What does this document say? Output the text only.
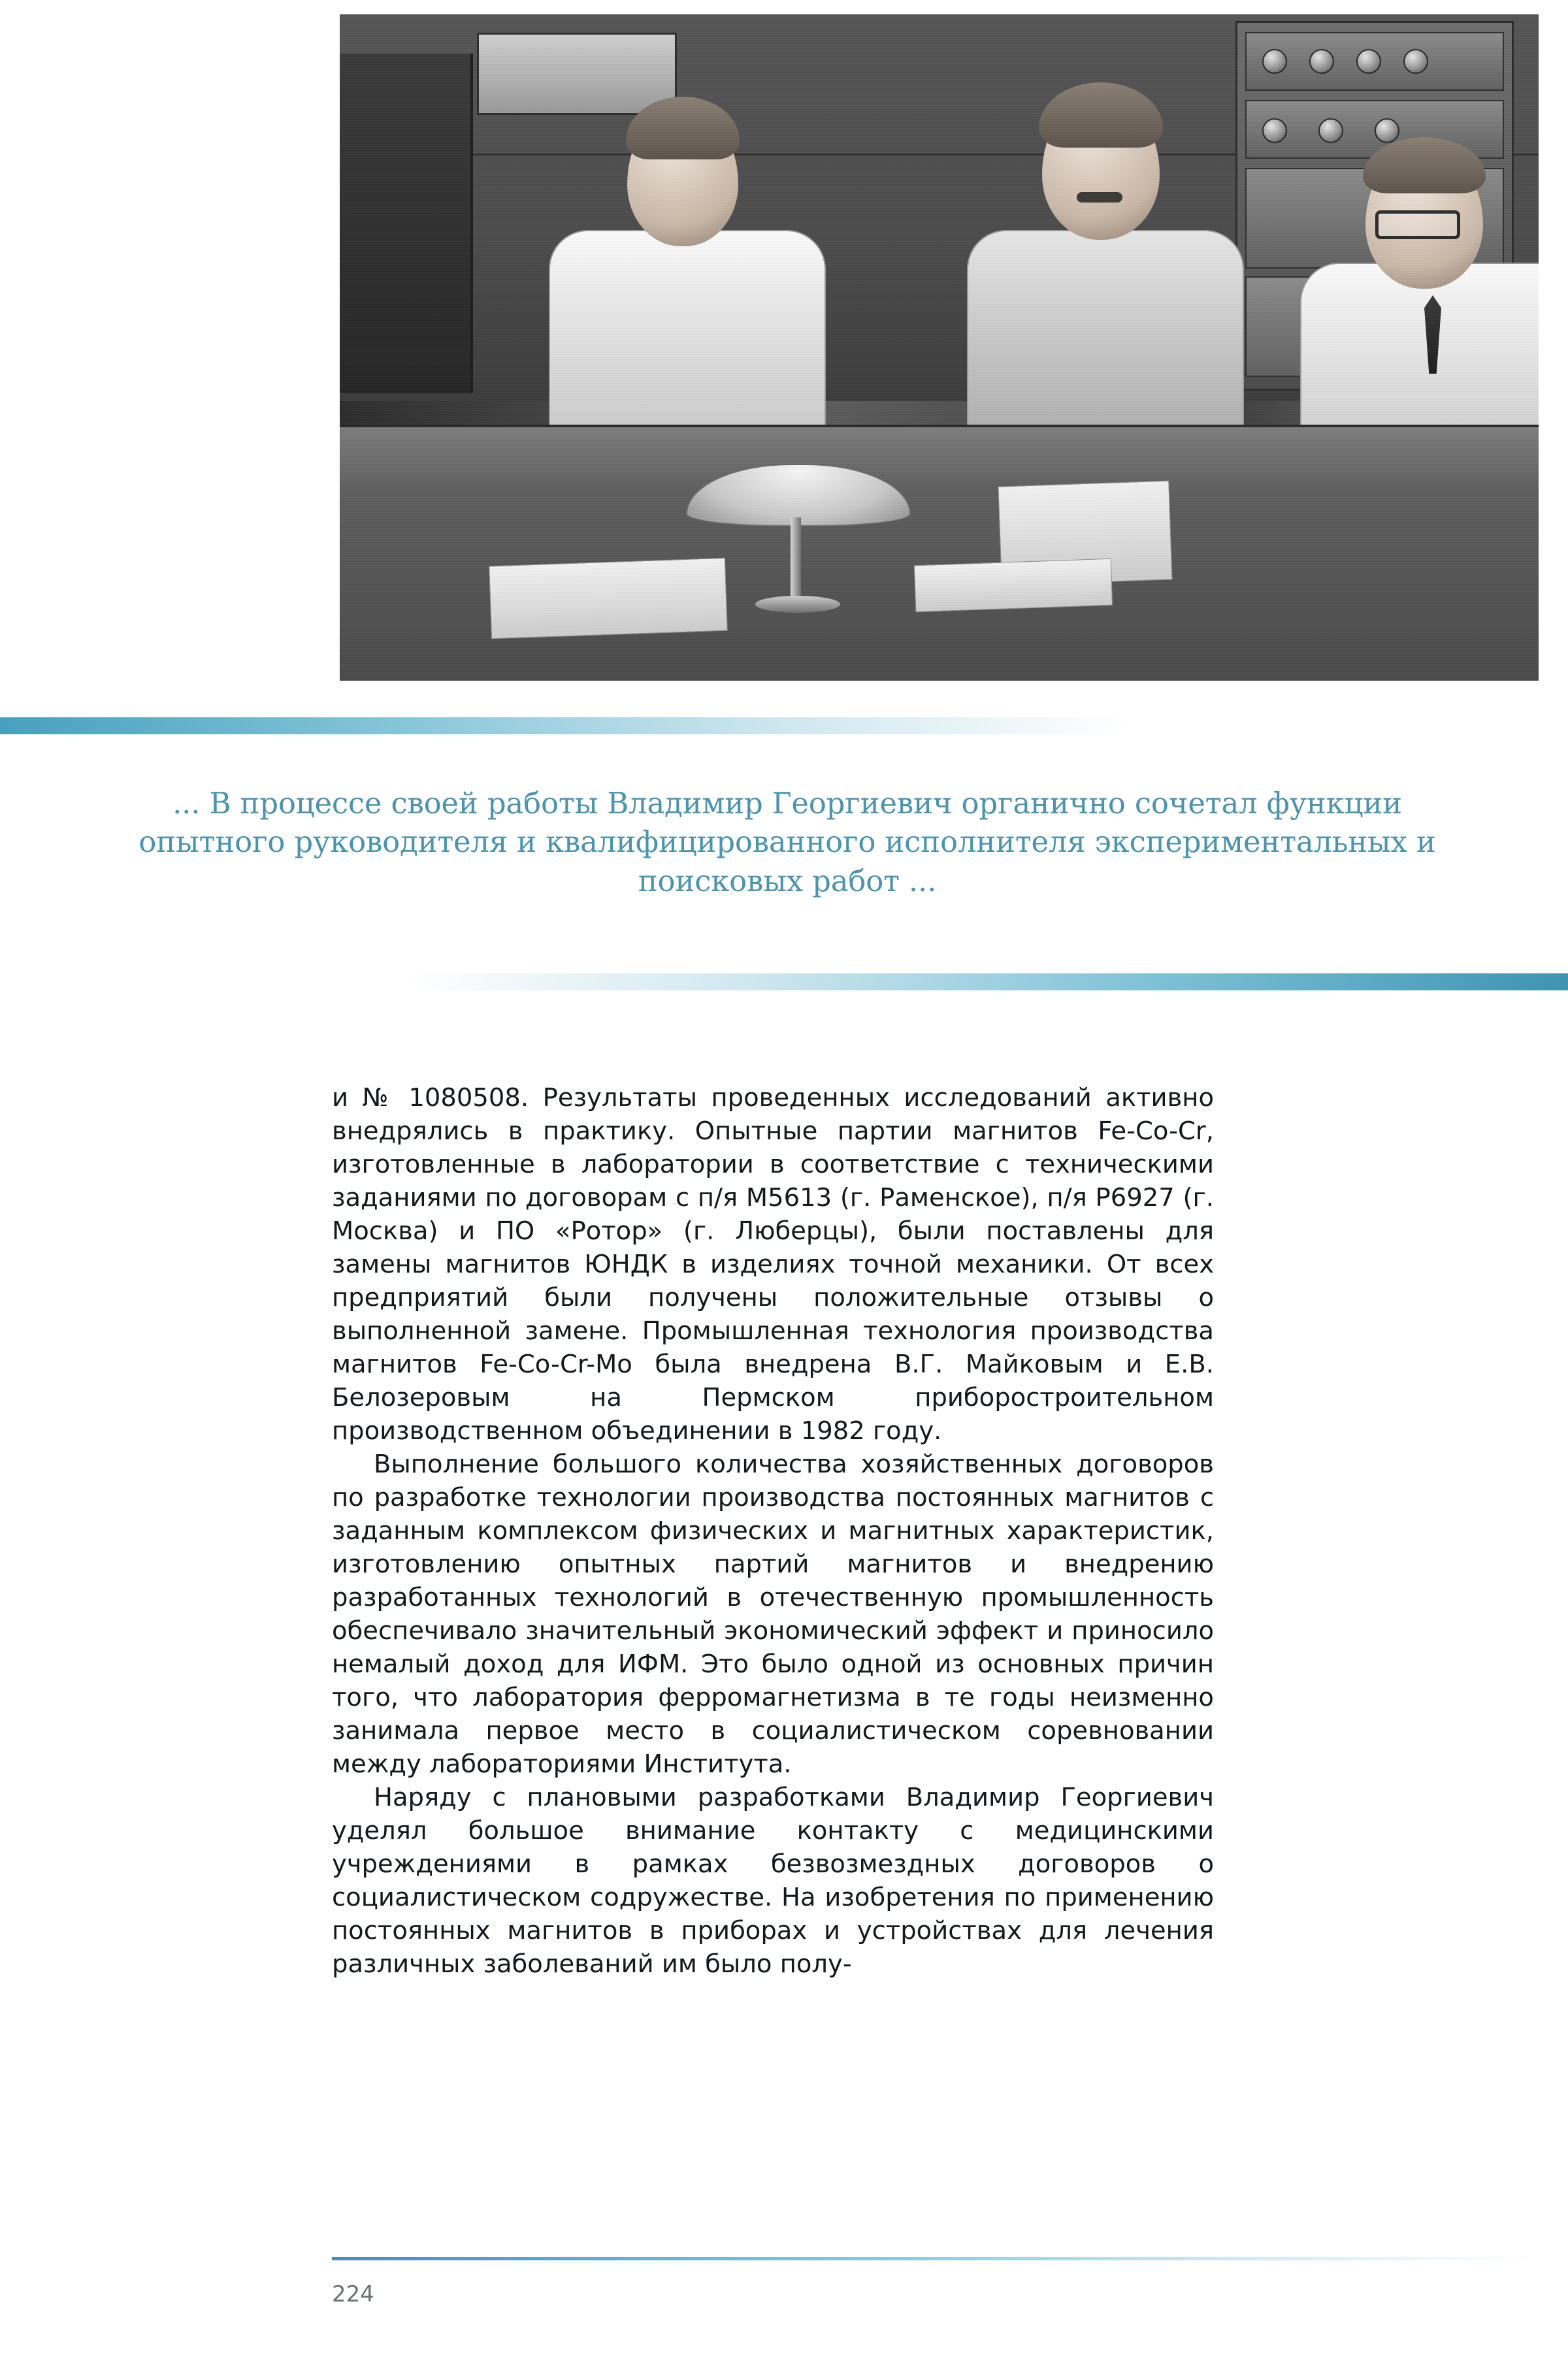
... В процессе своей работы Владимир Георгиевич органично сочетал функции опытного руководителя и квалифицированного исполнителя экспериментальных и поисковых работ ...

и № 1080508. Результаты проведенных исследований активно внедрялись в практику. Опытные партии магнитов Fe-Co-Cr, изготовленные в лаборатории в соответствие с техническими заданиями по договорам с п/я М5613 (г. Раменское), п/я Р6927 (г. Москва) и ПО «Ротор» (г. Люберцы), были поставлены для замены магнитов ЮНДК в изделиях точной механики. От всех предприятий были получены положительные отзывы о выполненной замене. Промышленная технология производства магнитов Fe-Co-Cr-Mo была внедрена В.Г. Майковым и Е.В. Белозеровым на Пермском приборостроительном производственном объединении в 1982 году.

Выполнение большого количества хозяйственных договоров по разработке технологии производства постоянных магнитов с заданным комплексом физических и магнитных характеристик, изготовлению опытных партий магнитов и внедрению разработанных технологий в отечественную промышленность обеспечивало значительный экономический эффект и приносило немалый доход для ИФМ. Это было одной из основных причин того, что лаборатория ферромагнетизма в те годы неизменно занимала первое место в социалистическом соревновании между лабораториями Института.

Наряду с плановыми разработками Владимир Георгиевич уделял большое внимание контакту с медицинскими учреждениями в рамках безвозмездных договоров о социалистическом содружестве. На изобретения по применению постоянных магнитов в приборах и устройствах для лечения различных заболеваний им было полу-

224
